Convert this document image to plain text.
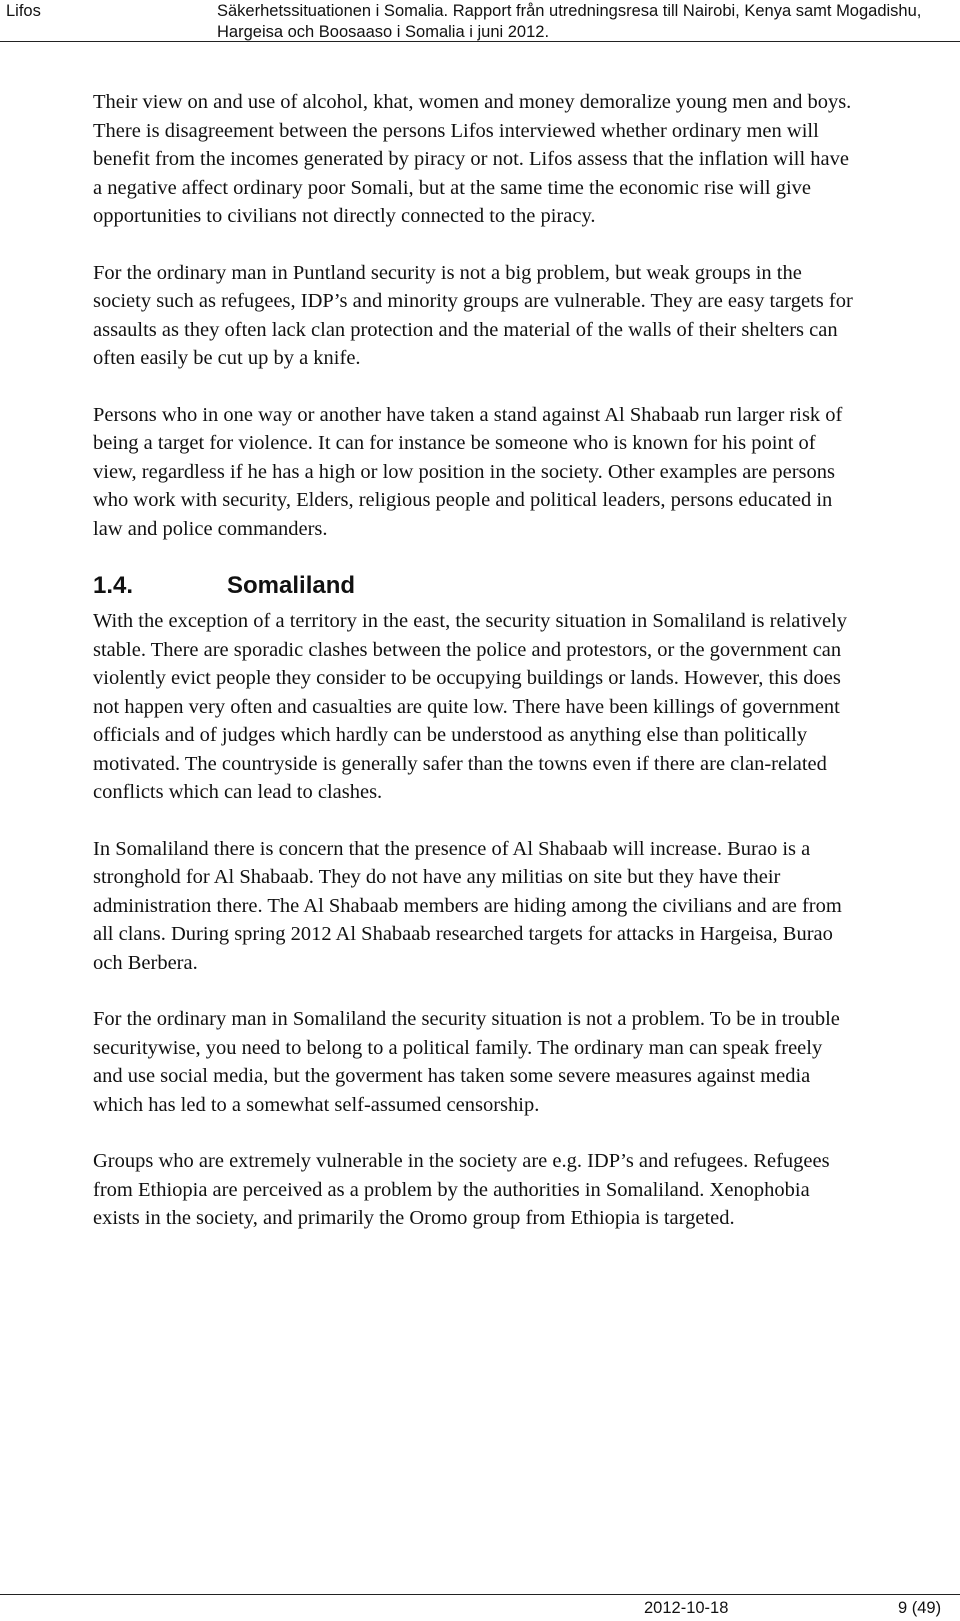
Lifos	Säkerhetssituationen i Somalia. Rapport från utredningsresa till Nairobi, Kenya samt Mogadishu, Hargeisa och Boosaaso i Somalia i juni 2012.

Their view on and use of alcohol, khat, women and money demoralize young men and boys. There is disagreement between the persons Lifos interviewed whether ordinary men will benefit from the incomes generated by piracy or not. Lifos assess that the inflation will have a negative affect ordinary poor Somali, but at the same time the economic rise will give opportunities to civilians not directly connected to the piracy.

For the ordinary man in Puntland security is not a big problem, but weak groups in the society such as refugees, IDP’s and minority groups are vulnerable. They are easy targets for assaults as they often lack clan protection and the material of the walls of their shelters can often easily be cut up by a knife.

Persons who in one way or another have taken a stand against Al Shabaab run larger risk of being a target for violence. It can for instance be someone who is known for his point of view, regardless if he has a high or low position in the society. Other examples are persons who work with security, Elders, religious people and political leaders, persons educated in law and police commanders.

1.4.	Somaliland

With the exception of a territory in the east, the security situation in Somaliland is relatively stable. There are sporadic clashes between the police and protestors, or the government can violently evict people they consider to be occupying buildings or lands. However, this does not happen very often and casualties are quite low. There have been killings of government officials and of judges which hardly can be understood as anything else than politically motivated. The countryside is generally safer than the towns even if there are clan-related conflicts which can lead to clashes.

In Somaliland there is concern that the presence of Al Shabaab will increase. Burao is a stronghold for Al Shabaab. They do not have any militias on site but they have their administration there. The Al Shabaab members are hiding among the civilians and are from all clans. During spring 2012 Al Shabaab researched targets for attacks in Hargeisa, Burao och Berbera.

For the ordinary man in Somaliland the security situation is not a problem. To be in trouble securitywise, you need to belong to a political family. The ordinary man can speak freely and use social media, but the goverment has taken some severe measures against media which has led to a somewhat self-assumed censorship.

Groups who are extremely vulnerable in the society are e.g. IDP’s and refugees. Refugees from Ethiopia are perceived as a problem by the authorities in Somaliland. Xenophobia exists in the society, and primarily the Oromo group from Ethiopia is targeted.

2012-10-18	9 (49)
